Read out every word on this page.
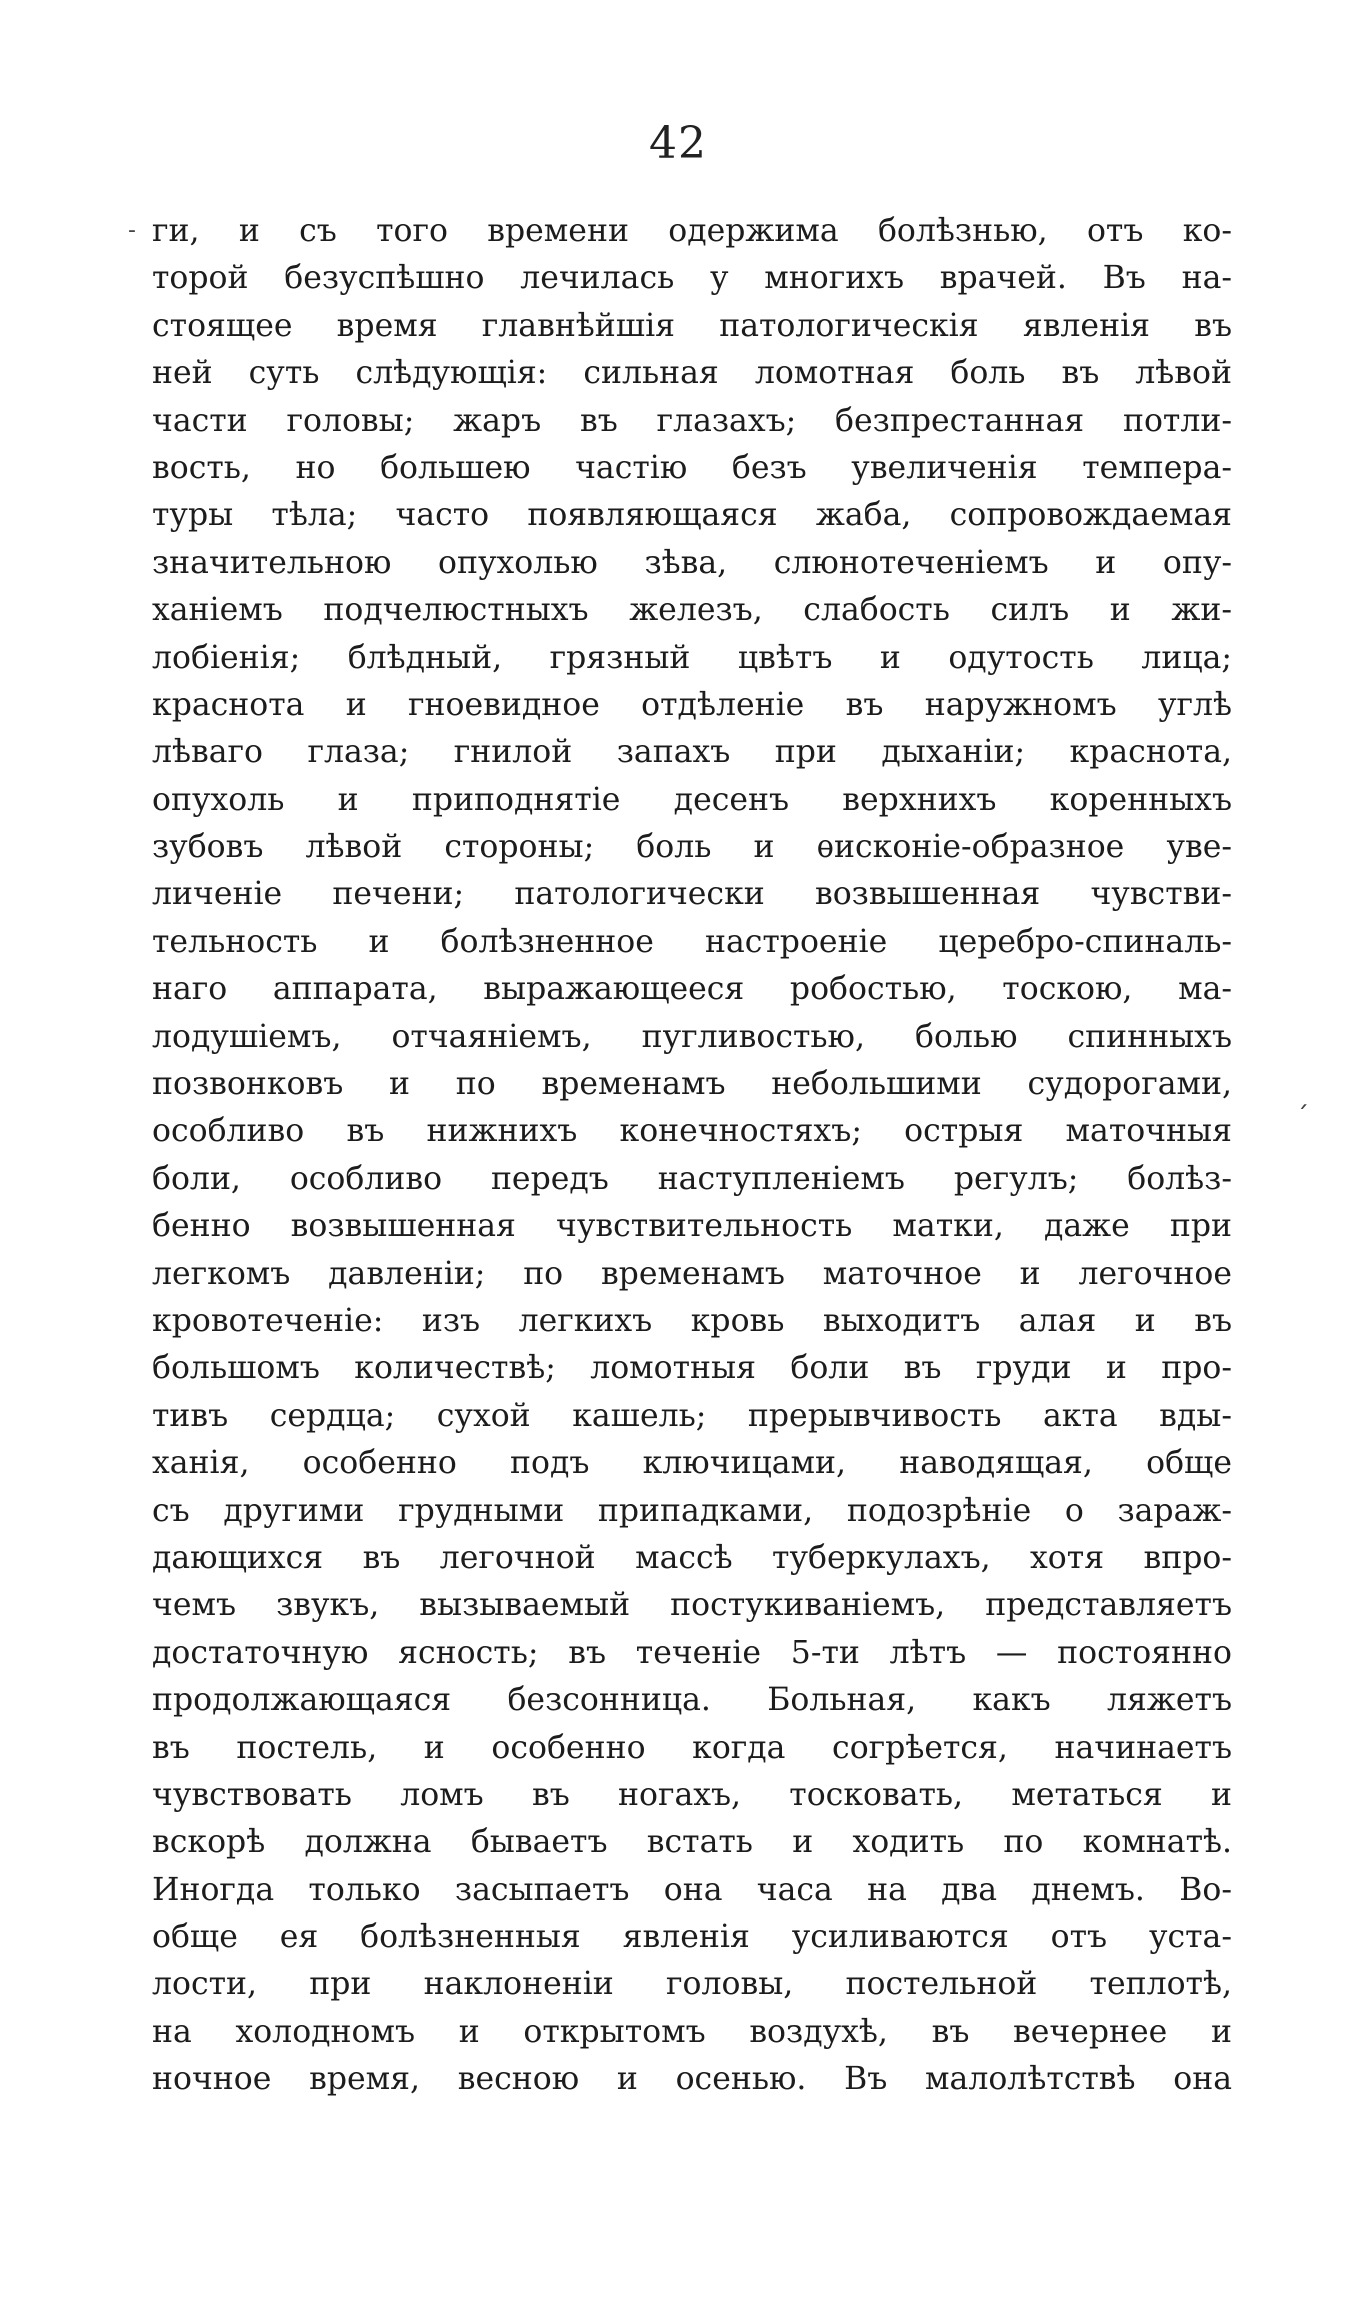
42
-
ˏ
ги, и съ того времени одержима болѣзнью, отъ ко-
торой безуспѣшно лечилась у многихъ врачей. Въ на-
стоящее время главнѣйшія патологическія явленія въ
ней суть слѣдующія: сильная ломотная боль въ лѣвой
части головы; жаръ въ глазахъ; безпрестанная потли-
вость, но большею частію безъ увеличенія темпера-
туры тѣла; часто появляющаяся жаба, сопровождаемая
значительною опухолью зѣва, слюнотеченіемъ и опу-
ханіемъ подчелюстныхъ железъ, слабость силъ и жи-
лобіенія; блѣдный, грязный цвѣтъ и одутость лица;
краснота и гноевидное отдѣленіе въ наружномъ углѣ
лѣваго глаза; гнилой запахъ при дыханіи; краснота,
опухоль и приподнятіе десенъ верхнихъ коренныхъ
зубовъ лѣвой стороны; боль и ѳисконіе-образное уве-
личеніе печени; патологически возвышенная чувстви-
тельность и болѣзненное настроеніе церебро-спиналь-
наго аппарата, выражающееся робостью, тоскою, ма-
лодушіемъ, отчаяніемъ, пугливостью, болью спинныхъ
позвонковъ и по временамъ небольшими судорогами,
особливо въ нижнихъ конечностяхъ; острыя маточныя
боли, особливо передъ наступленіемъ регулъ; болѣз-
бенно возвышенная чувствительность матки, даже при
легкомъ давленіи; по временамъ маточное и легочное
кровотеченіе: изъ легкихъ кровь выходитъ алая и въ
большомъ количествѣ; ломотныя боли въ груди и про-
тивъ сердца; сухой кашель; прерывчивость акта вды-
ханія, особенно подъ ключицами, наводящая, обще
съ другими грудными припадками, подозрѣніе о зараж-
дающихся въ легочной массѣ туберкулахъ, хотя впро-
чемъ звукъ, вызываемый постукиваніемъ, представляетъ
достаточную ясность; въ теченіе 5-ти лѣтъ — постоянно
продолжающаяся безсонница. Больная, какъ ляжетъ
въ постель, и особенно когда согрѣется, начинаетъ
чувствовать ломъ въ ногахъ, тосковать, метаться и
вскорѣ должна бываетъ встать и ходить по комнатѣ.
Иногда только засыпаетъ она часа на два днемъ. Во-
обще ея болѣзненныя явленія усиливаются отъ уста-
лости, при наклоненіи головы, постельной теплотѣ,
на холодномъ и открытомъ воздухѣ, въ вечернее и
ночное время, весною и осенью. Въ малолѣтствѣ она
